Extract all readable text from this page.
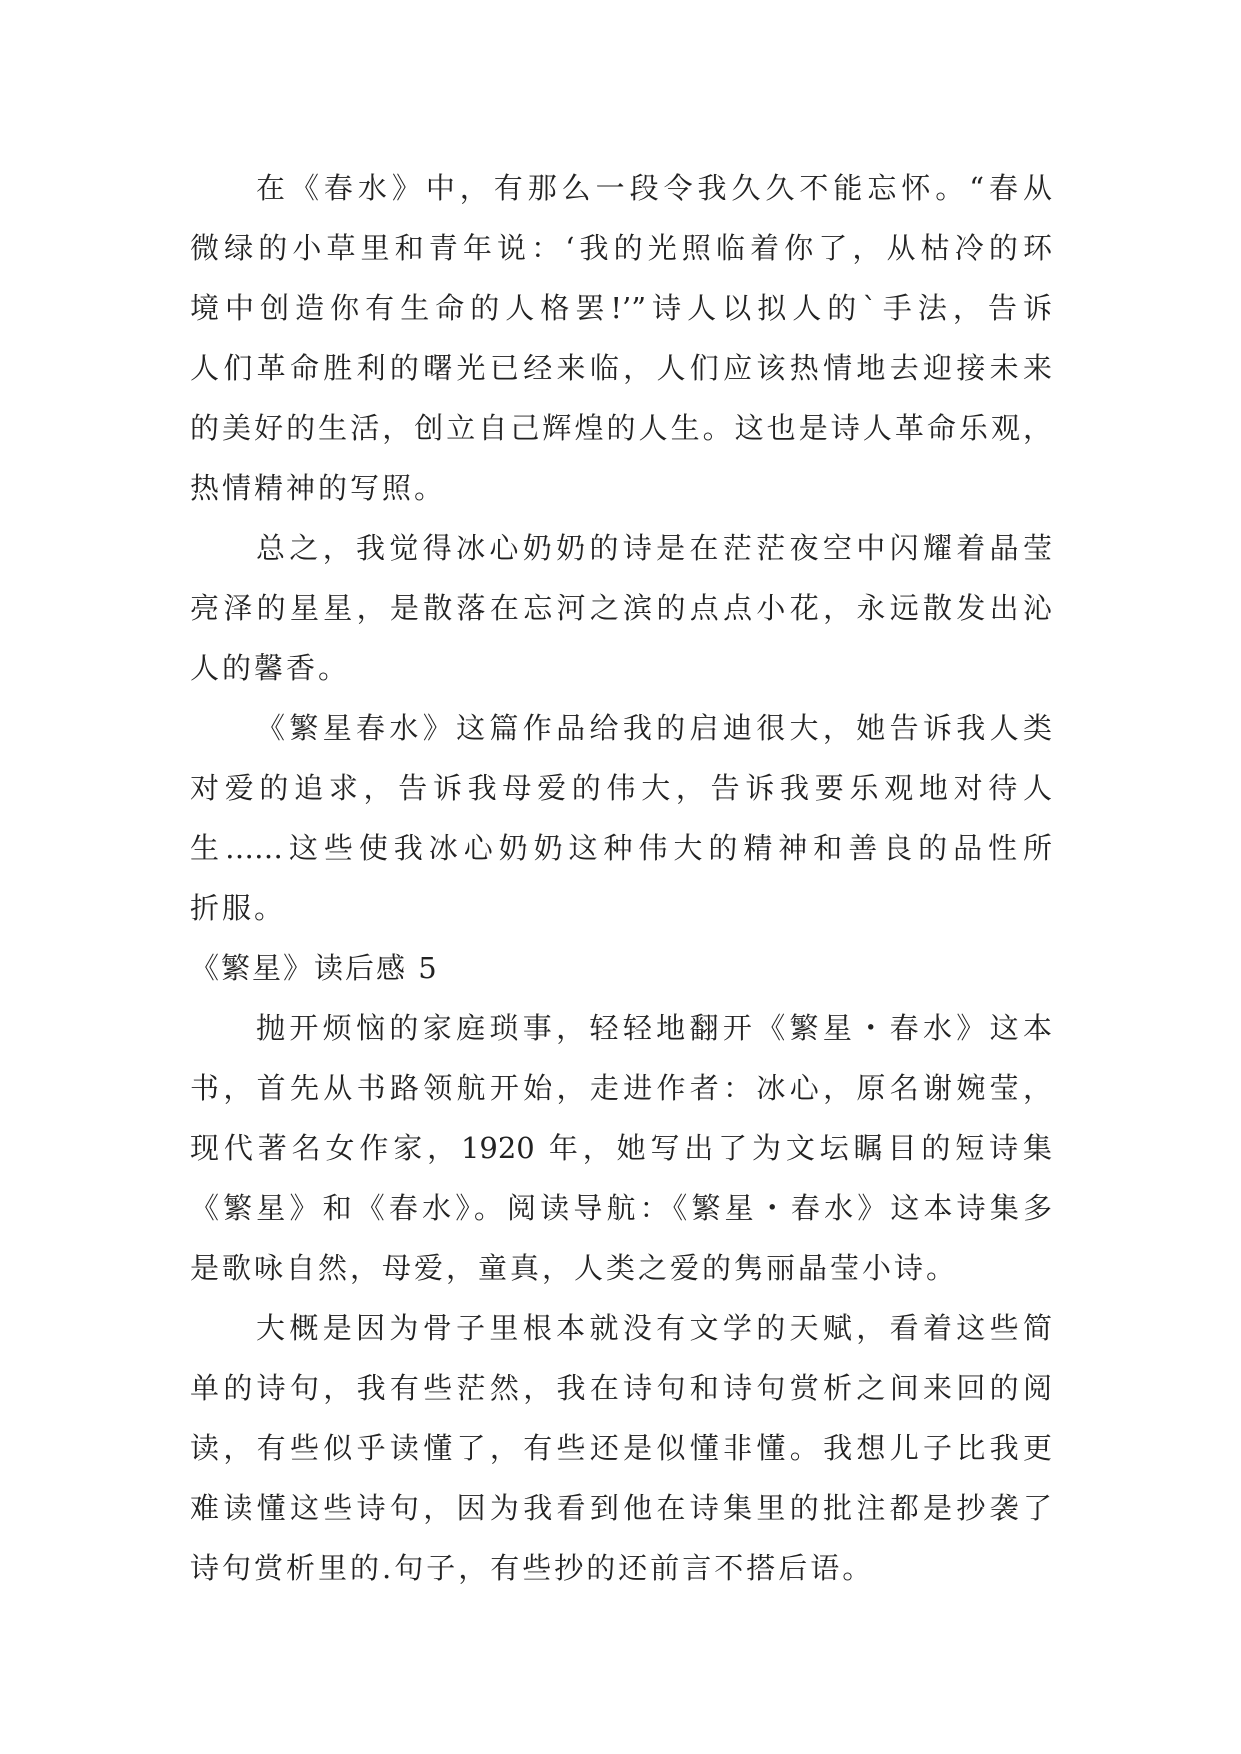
在《春水》中，有那么一段令我久久不能忘怀。“春从
微绿的小草里和青年说：‘我的光照临着你了，从枯冷的环
境中创造你有生命的人格罢!’”诗人以拟人的`手法，告诉
人们革命胜利的曙光已经来临，人们应该热情地去迎接未来
的美好的生活，创立自己辉煌的人生。这也是诗人革命乐观，
热情精神的写照。
总之，我觉得冰心奶奶的诗是在茫茫夜空中闪耀着晶莹
亮泽的星星，是散落在忘河之滨的点点小花，永远散发出沁
人的馨香。
《繁星春水》这篇作品给我的启迪很大，她告诉我人类
对爱的追求，告诉我母爱的伟大，告诉我要乐观地对待人
生……这些使我冰心奶奶这种伟大的精神和善良的品性所
折服。
《繁星》读后感 5
抛开烦恼的家庭琐事，轻轻地翻开《繁星・春水》这本
书，首先从书路领航开始，走进作者：冰心，原名谢婉莹，
现代著名女作家，1920 年，她写出了为文坛瞩目的短诗集
《繁星》和《春水》。阅读导航：《繁星・春水》这本诗集多
是歌咏自然，母爱，童真，人类之爱的隽丽晶莹小诗。
大概是因为骨子里根本就没有文学的天赋，看着这些简
单的诗句，我有些茫然，我在诗句和诗句赏析之间来回的阅
读，有些似乎读懂了，有些还是似懂非懂。我想儿子比我更
难读懂这些诗句，因为我看到他在诗集里的批注都是抄袭了
诗句赏析里的.句子，有些抄的还前言不搭后语。
